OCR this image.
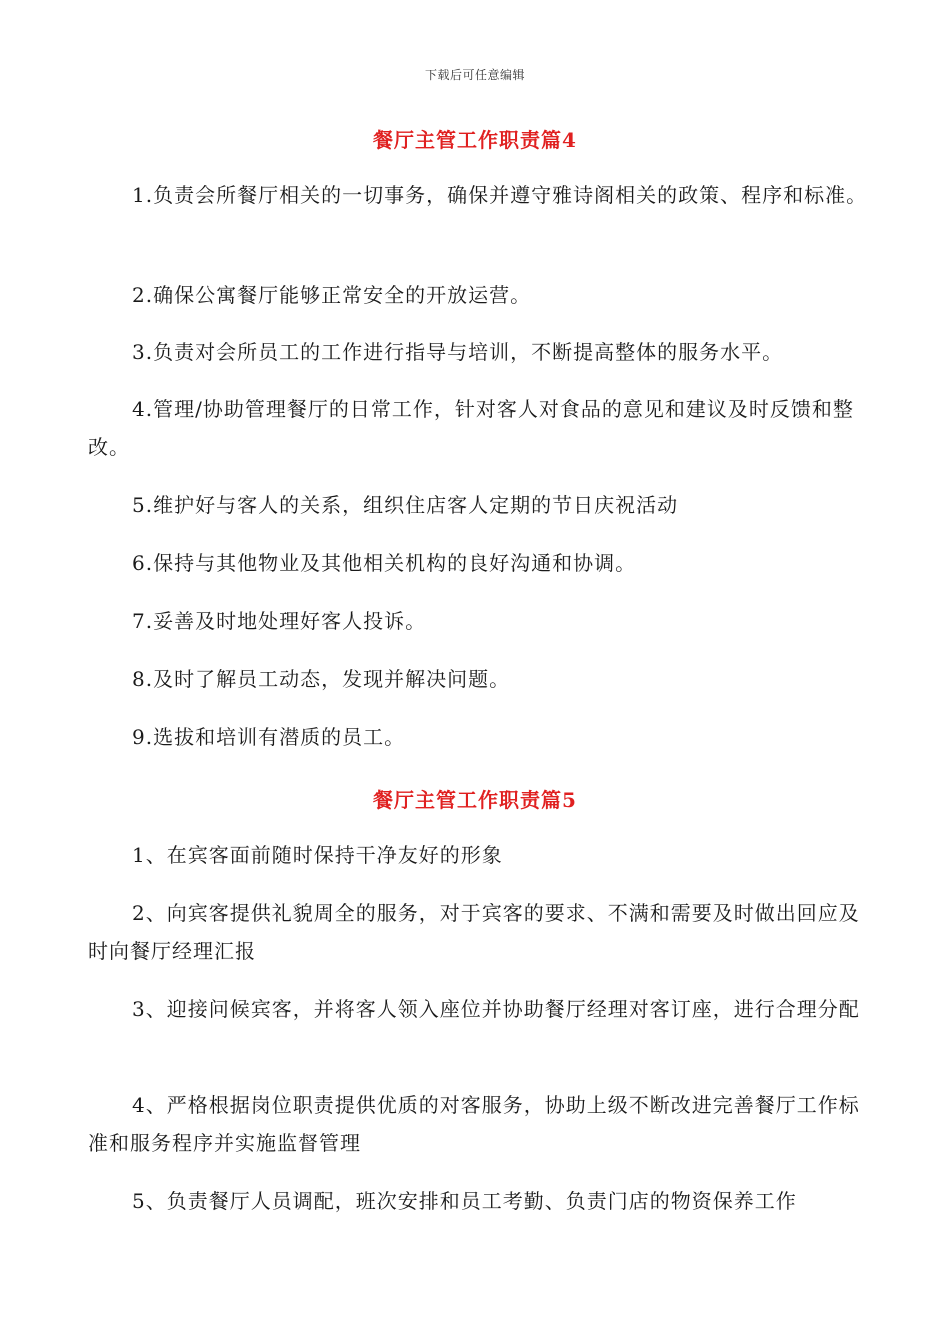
下载后可任意编辑
餐厅主管工作职责篇4
1.负责会所餐厅相关的一切事务，确保并遵守雅诗阁相关的政策、程序和标准。
2.确保公寓餐厅能够正常安全的开放运营。
3.负责对会所员工的工作进行指导与培训，不断提高整体的服务水平。
4.管理/协助管理餐厅的日常工作，针对客人对食品的意见和建议及时反馈和整改。
5.维护好与客人的关系，组织住店客人定期的节日庆祝活动
6.保持与其他物业及其他相关机构的良好沟通和协调。
7.妥善及时地处理好客人投诉。
8.及时了解员工动态，发现并解决问题。
9.选拔和培训有潜质的员工。
餐厅主管工作职责篇5
1、在宾客面前随时保持干净友好的形象
2、向宾客提供礼貌周全的服务，对于宾客的要求、不满和需要及时做出回应及时向餐厅经理汇报
3、迎接问候宾客，并将客人领入座位并协助餐厅经理对客订座，进行合理分配
4、严格根据岗位职责提供优质的对客服务，协助上级不断改进完善餐厅工作标准和服务程序并实施监督管理
5、负责餐厅人员调配，班次安排和员工考勤、负责门店的物资保养工作
